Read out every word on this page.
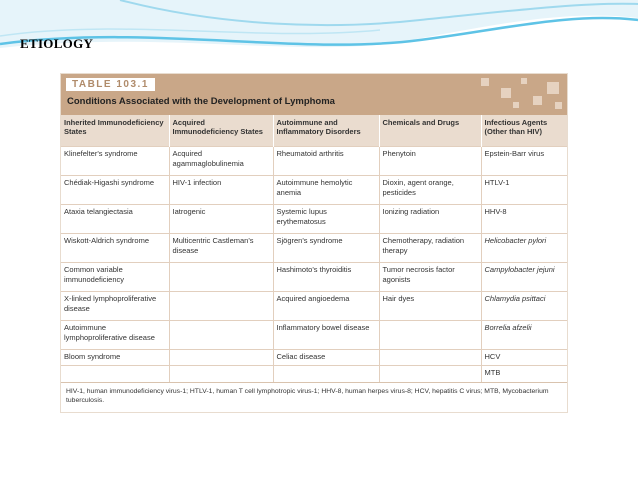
ETIOLOGY
TABLE 103.1
Conditions Associated with the Development of Lymphoma
Inherited Immunodeficiency States	Acquired Immunodeficiency States	Autoimmune and Inflammatory Disorders	Chemicals and Drugs	Infectious Agents (Other than HIV)
Klinefelter's syndrome	Acquired agammaglobulinemia	Rheumatoid arthritis	Phenytoin	Epstein-Barr virus
Chédiak-Higashi syndrome	HIV-1 infection	Autoimmune hemolytic anemia	Dioxin, agent orange, pesticides	HTLV-1
Ataxia telangiectasia	Iatrogenic	Systemic lupus erythematosus	Ionizing radiation	HHV-8
Wiskott-Aldrich syndrome	Multicentric Castleman's disease	Sjögren's syndrome	Chemotherapy, radiation therapy	Helicobacter pylori
Common variable immunodeficiency		Hashimoto's thyroiditis	Tumor necrosis factor agonists	Campylobacter jejuni
X-linked lymphoproliferative disease		Acquired angioedema	Hair dyes	Chlamydia psittaci
Autoimmune lymphoproliferative disease		Inflammatory bowel disease		Borrelia afzelii
Bloom syndrome		Celiac disease		HCV
				MTB
HIV-1, human immunodeficiency virus-1; HTLV-1, human T cell lymphotropic virus-1; HHV-8, human herpes virus-8; HCV, hepatitis C virus; MTB, Mycobacterium tuberculosis.
